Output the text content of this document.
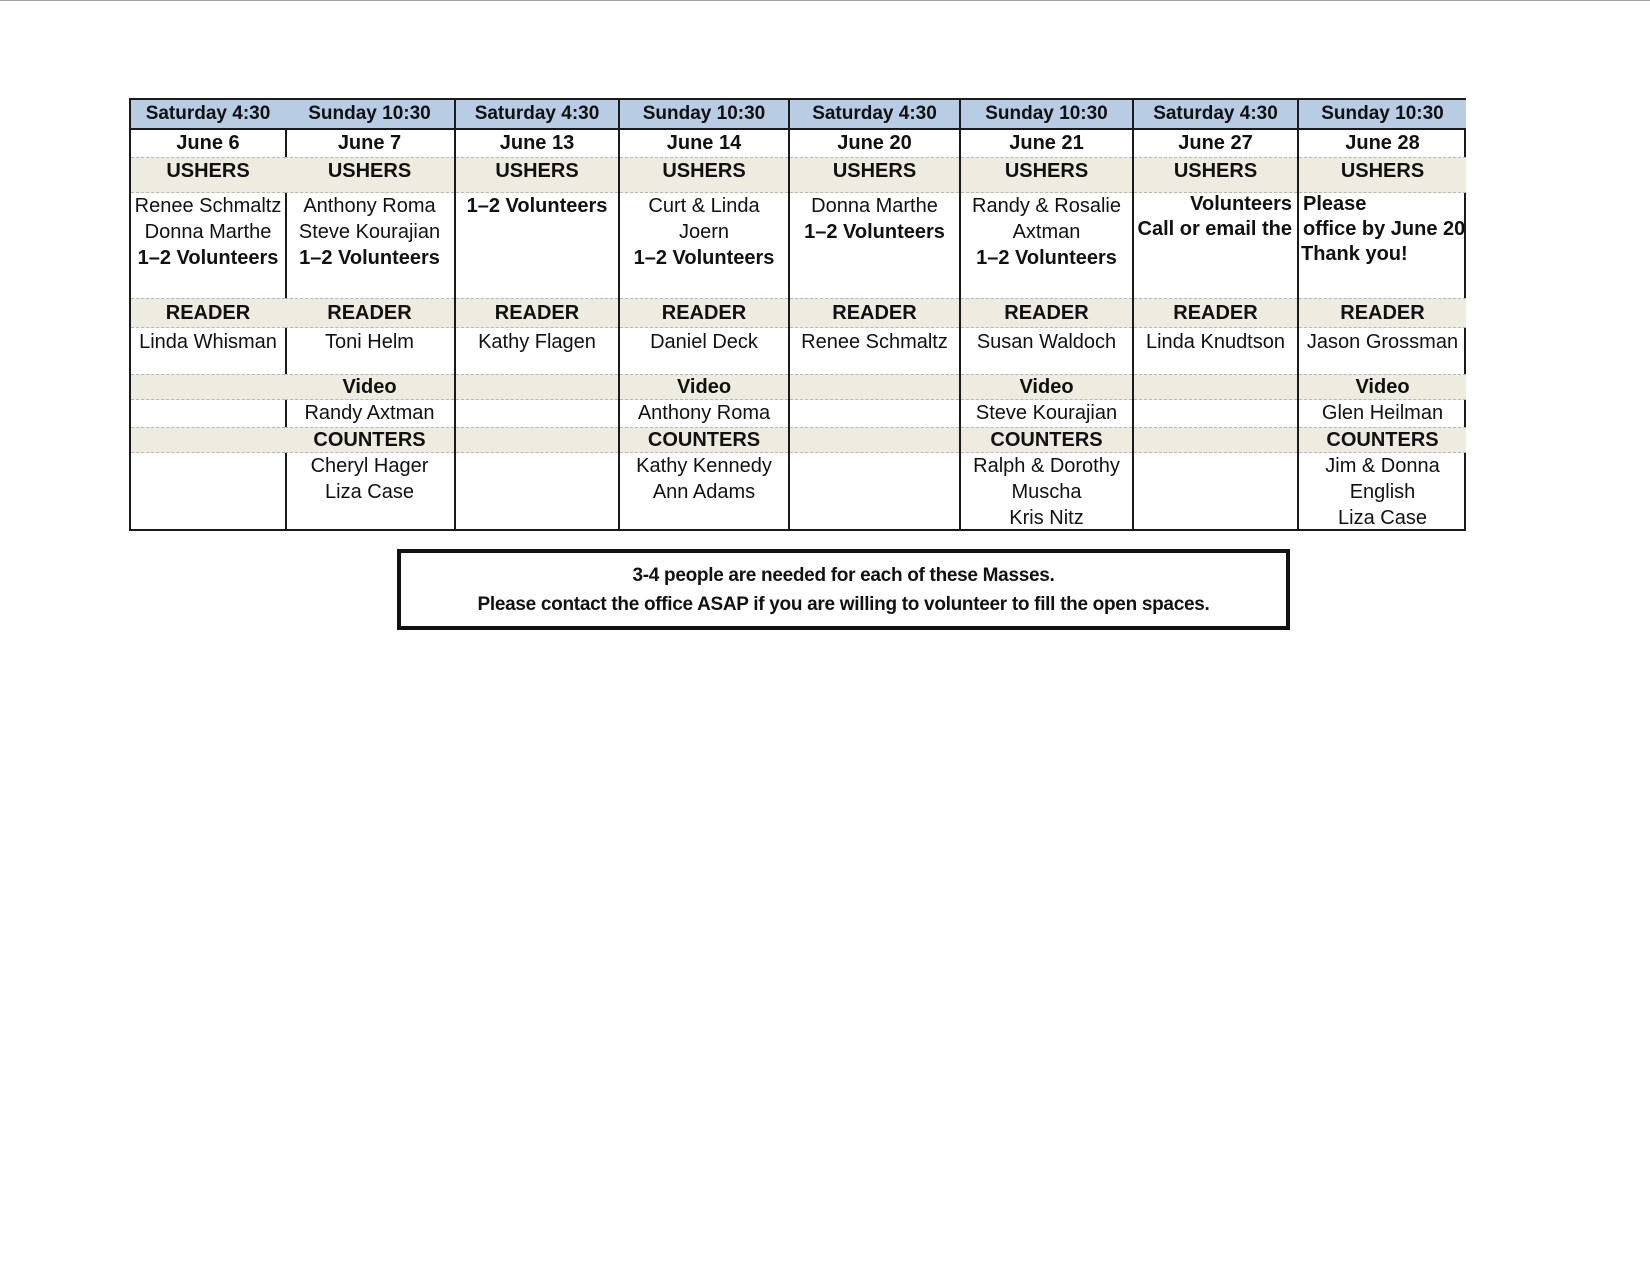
Saturday 4:30
June 6
USHERS
Renee Schmaltz
Donna Marthe
1–2 Volunteers
READER
Linda Whisman
Sunday 10:30
June 7
USHERS
Anthony Roma
Steve Kourajian
1–2 Volunteers
READER
Toni Helm
Video
Randy Axtman
COUNTERS
Cheryl Hager
Liza Case
Saturday 4:30
June 13
USHERS
1–2 Volunteers
READER
Kathy Flagen
Sunday 10:30
June 14
USHERS
Curt & Linda
Joern
1–2 Volunteers
READER
Daniel Deck
Video
Anthony Roma
COUNTERS
Kathy Kennedy
Ann Adams
Saturday 4:30
June 20
USHERS
Donna Marthe
1–2 Volunteers
READER
Renee Schmaltz
Sunday 10:30
June 21
USHERS
Randy & Rosalie
Axtman
1–2 Volunteers
READER
Susan Waldoch
Video
Steve Kourajian
COUNTERS
Ralph & Dorothy
Muscha
Kris Nitz
Saturday 4:30
June 27
USHERS
READER
Linda Knudtson
Sunday 10:30
June 28
USHERS
READER
Jason Grossman
Video
Glen Heilman
COUNTERS
Jim & Donna
English
Liza Case
Volunteers Please
Call or email the office by June 20
Thank you!
3-4 people are needed for each of these Masses.
Please contact the office ASAP if you are willing to volunteer to fill the open spaces.
